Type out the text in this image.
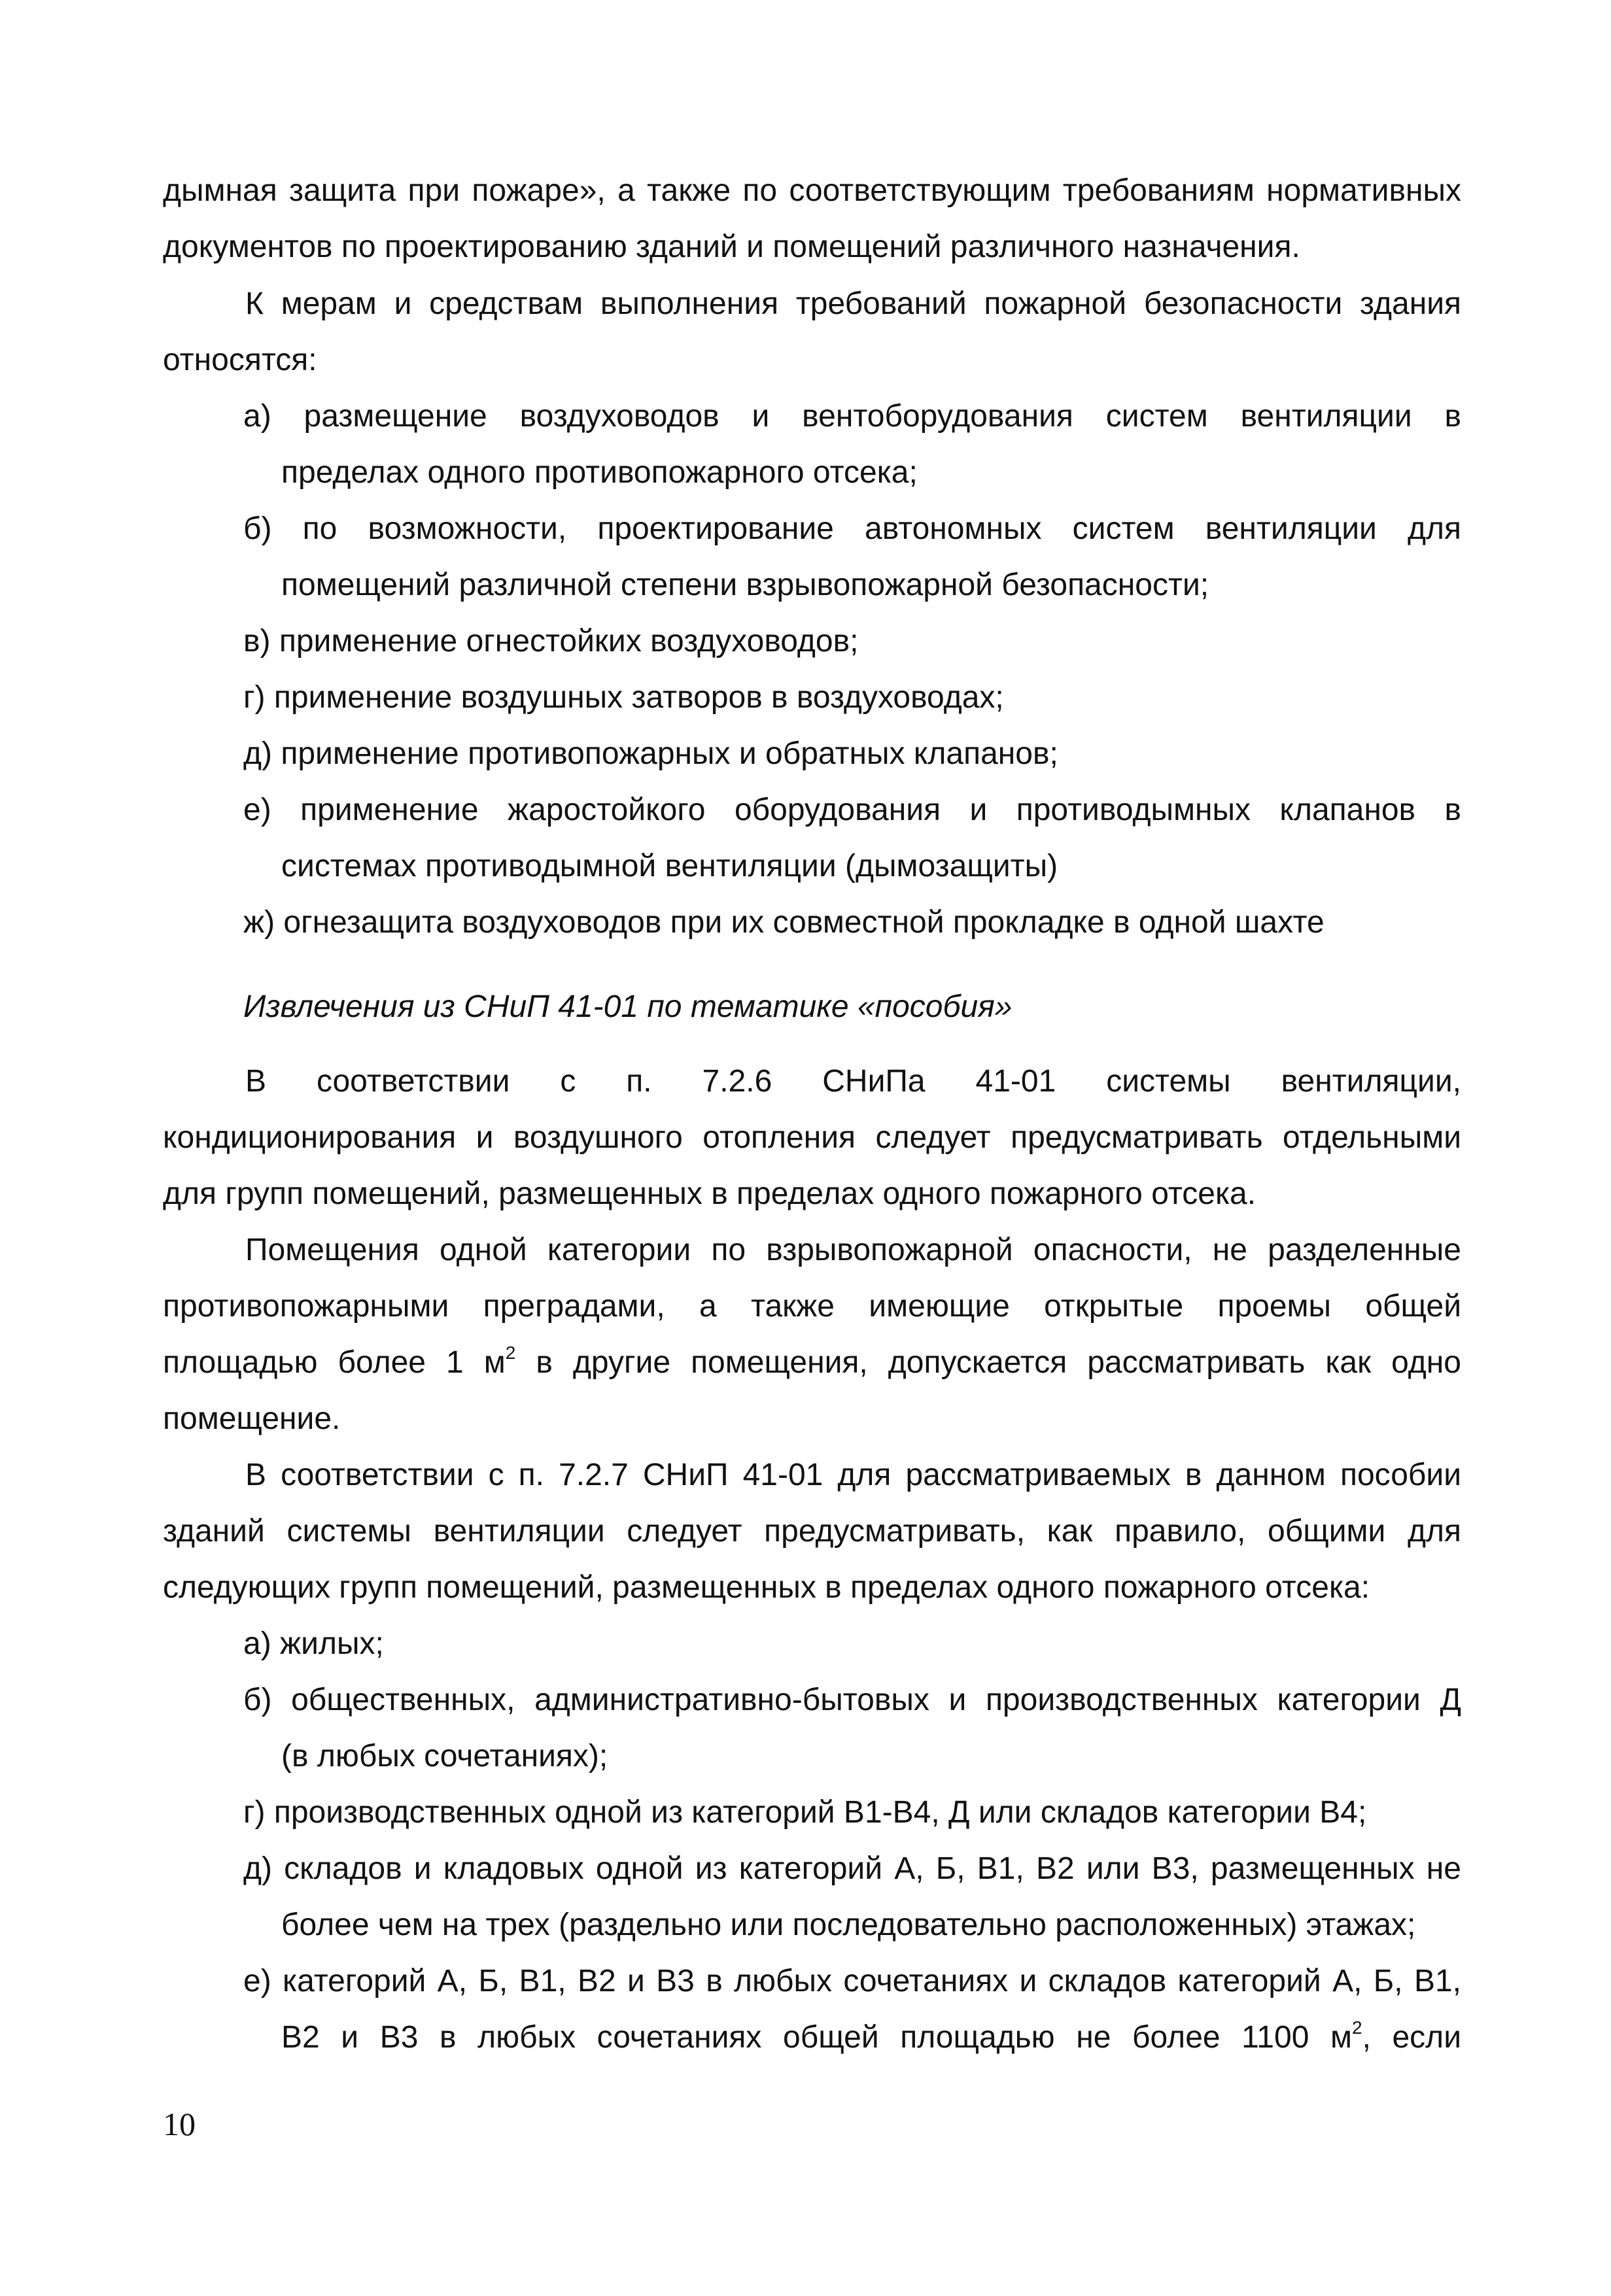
дымная защита при пожаре», а также по соответствующим требованиям нормативных
документов по проектированию зданий и помещений различного назначения.
К мерам и средствам выполнения требований пожарной безопасности здания
относятся:
а) размещение воздуховодов и вентоборудования систем вентиляции в
пределах одного противопожарного отсека;
б) по возможности, проектирование автономных систем вентиляции для
помещений различной степени взрывопожарной безопасности;
в) применение огнестойких воздуховодов;
г) применение воздушных затворов в воздуховодах;
д) применение противопожарных и обратных клапанов;
е) применение жаростойкого оборудования и противодымных клапанов в
системах противодымной вентиляции (дымозащиты)
ж) огнезащита воздуховодов при их совместной прокладке в одной шахте
Извлечения из СНиП 41-01 по тематике «пособия»
В соответствии с п. 7.2.6 СНиПа 41-01 системы вентиляции,
кондиционирования и воздушного отопления следует предусматривать отдельными
для групп помещений, размещенных в пределах одного пожарного отсека.
Помещения одной категории по взрывопожарной опасности, не разделенные
противопожарными преградами, а также имеющие открытые проемы общей
площадью более 1 $м^2$ в другие помещения, допускается рассматривать как одно
помещение.
В соответствии с п. 7.2.7 СНиП 41-01 для рассматриваемых в данном пособии
зданий системы вентиляции следует предусматривать, как правило, общими для
следующих групп помещений, размещенных в пределах одного пожарного отсека:
а) жилых;
б) общественных, административно-бытовых и производственных категории Д
(в любых сочетаниях);
г) производственных одной из категорий В1-В4, Д или складов категории В4;
д) складов и кладовых одной из категорий А, Б, В1, В2 или В3, размещенных не
более чем на трех (раздельно или последовательно расположенных) этажах;
е) категорий А, Б, В1, В2 и В3 в любых сочетаниях и складов категорий А, Б, В1,
В2 и В3 в любых сочетаниях общей площадью не более 1100 $м^2$, если
10
